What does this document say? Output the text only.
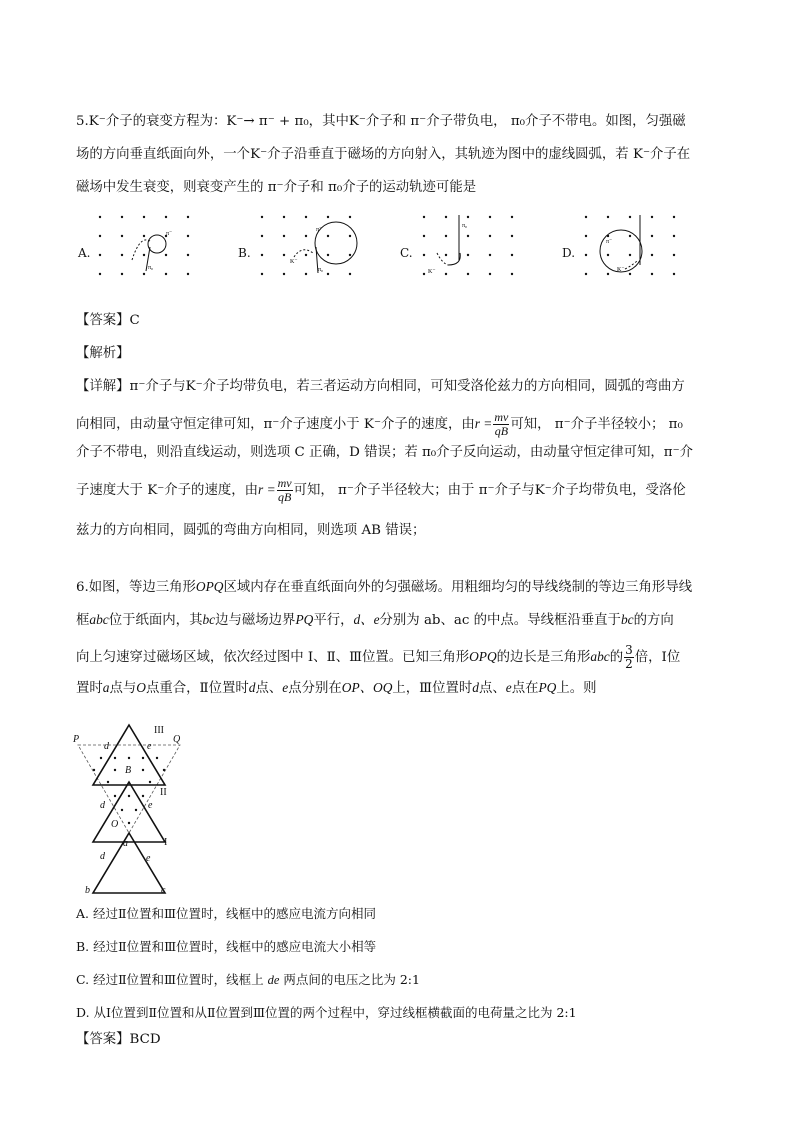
5.K⁻介子的衰变方程为：K⁻→ π⁻ + π₀，其中K⁻介子和 π⁻介子带负电， π₀介子不带电。如图，匀强磁
场的方向垂直纸面向外，一个K⁻介子沿垂直于磁场的方向射入，其轨迹为图中的虚线圆弧，若 K⁻介子在
磁场中发生衰变，则衰变产生的 π⁻介子和 π₀介子的运动轨迹可能是
A.	B.	C.	D.
π⁻
π₀
π⁻
K⁻
π₀
π₀
K⁻
π⁻
K⁻
【答案】C
【解析】
【详解】π⁻介子与K⁻介子均带负电，若三者运动方向相同，可知受洛伦兹力的方向相同，圆弧的弯曲方
向相同，由动量守恒定律可知，π⁻介子速度小于 K⁻介子的速度，由$r = \frac{mv}{qB}$ 可知， π⁻介子半径较小； π₀
介子不带电，则沿直线运动，则选项 C 正确，D 错误；若 π₀介子反向运动，由动量守恒定律可知，π⁻介
子速度大于 K⁻介子的速度，由$r = \frac{mv}{qB}$ 可知， π⁻介子半径较大；由于 π⁻介子与K⁻介子均带负电，受洛伦
兹力的方向相同，圆弧的弯曲方向相同，则选项 AB 错误；
6.如图，等边三角形OPQ区域内存在垂直纸面向外的匀强磁场。用粗细均匀的导线绕制的等边三角形导线
框abc位于纸面内，其bc边与磁场边界PQ平行，d、e分别为 ab、ac 的中点。导线框沿垂直于bc的方向
向上匀速穿过磁场区域，依次经过图中 Ⅰ、Ⅱ、Ⅲ位置。已知三角形OPQ的边长是三角形abc的 $\frac{3}{2}$ 倍，Ⅰ位
置时a点与O点重合，Ⅱ位置时d点、e点分别在OP、OQ上，Ⅲ位置时d点、e点在PQ上。则
P	Q
d	e
B
d	e
O
a
d	e
b	c
III
II
I
A. 经过Ⅱ位置和Ⅲ位置时，线框中的感应电流方向相同
B. 经过Ⅱ位置和Ⅲ位置时，线框中的感应电流大小相等
C. 经过Ⅱ位置和Ⅲ位置时，线框上 de 两点间的电压之比为 2:1
D. 从Ⅰ位置到Ⅱ位置和从Ⅱ位置到Ⅲ位置的两个过程中，穿过线框横截面的电荷量之比为 2:1
【答案】BCD
